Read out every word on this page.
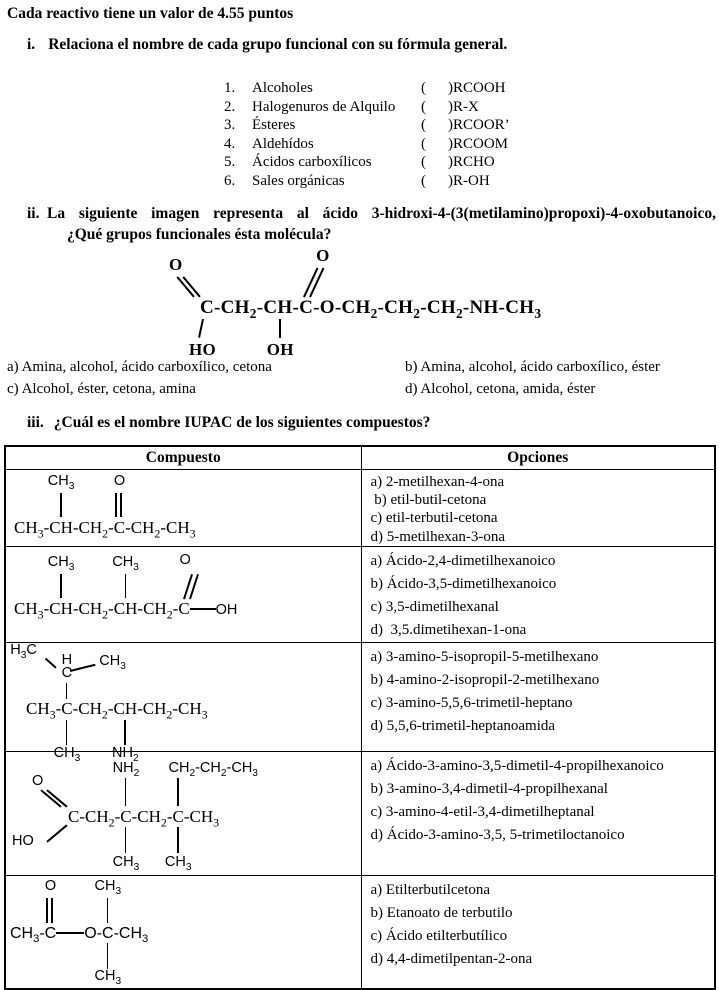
Cada reactivo tiene un valor de 4.55 puntos
i. Relaciona el nombre de cada grupo funcional con su fórmula general.
1.	Alcoholes	(	)RCOOH
2.	Halogenuros de Alquilo	(	)R-X
3.	Ésteres	(	)RCOOR’
4.	Aldehídos	(	)RCOOM
5.	Ácidos carboxílicos	(	)RCHO
6.	Sales orgánicas	(	)R-OH
ii. La siguiente imagen representa al ácido 3-hidroxi-4-(3(metilamino)propoxi)-4-oxobutanoico,
¿Qué grupos funcionales ésta molécula?
C
O
HO
$-CH_2-CH$
OH
-C
O
$-O-CH_2-CH_2-CH_2-NH-CH_3$
a) Amina, alcohol, ácido carboxílico, cetona	b) Amina, alcohol, ácido carboxílico, éster
c) Alcohol, éster, cetona, amina	d) Alcohol, cetona, amida, éster
iii. ¿Cuál es el nombre IUPAC de los siguientes compuestos?
Compuesto	Opciones

$CH_3-CH$
$CH_3$
$-CH_2-C$
O
$-CH_2-CH_3$

a) 2-metilhexan-4-ona
b) etil-butil-cetona
c) etil-terbutil-cetona
d) 5-metilhexan-3-ona

$CH_3-CH$
$CH_3$
$-CH_2-CH$
$CH_3$
$-CH_2-C$
O
OH

a) Ácido-2,4-dimetilhexanoico
b) Ácido-3,5-dimetilhexanoico
c) 3,5-dimetilhexanal
d)  3,5.dimetihexan-1-ona

$CH_3-C$
C
H
$H_3C$
$CH_3$
$CH_3$
$-CH_2-CH$
$NH_2$
$-CH_2-CH_3$

a) 3-amino-5-isopropil-5-metilhexano
b) 4-amino-2-isopropil-2-metilhexano
c) 3-amino-5,5,6-trimetil-heptano
d) 5,5,6-trimetil-heptanoamida

C
O
HO
$-CH_2-C$
$NH_2$
$CH_3$
$-CH_2-C$
$CH_2-CH_2-CH_3$
$CH_3$
$-CH_3$

a) Ácido-3-amino-3,5-dimetil-4-propilhexanoico
b) 3-amino-3,4-dimetil-4-propilhexanal
c) 3-amino-4-etil-3,4-dimetilheptanal
d) Ácido-3-amino-3,5, 5-trimetiloctanoico

$CH_3-C$
O
O-C
$CH_3$
$CH_3$
$-CH_3$

a) Etilterbutilcetona
b) Etanoato de terbutilo
c) Ácido etilterbutílico
d) 4,4-dimetilpentan-2-ona
